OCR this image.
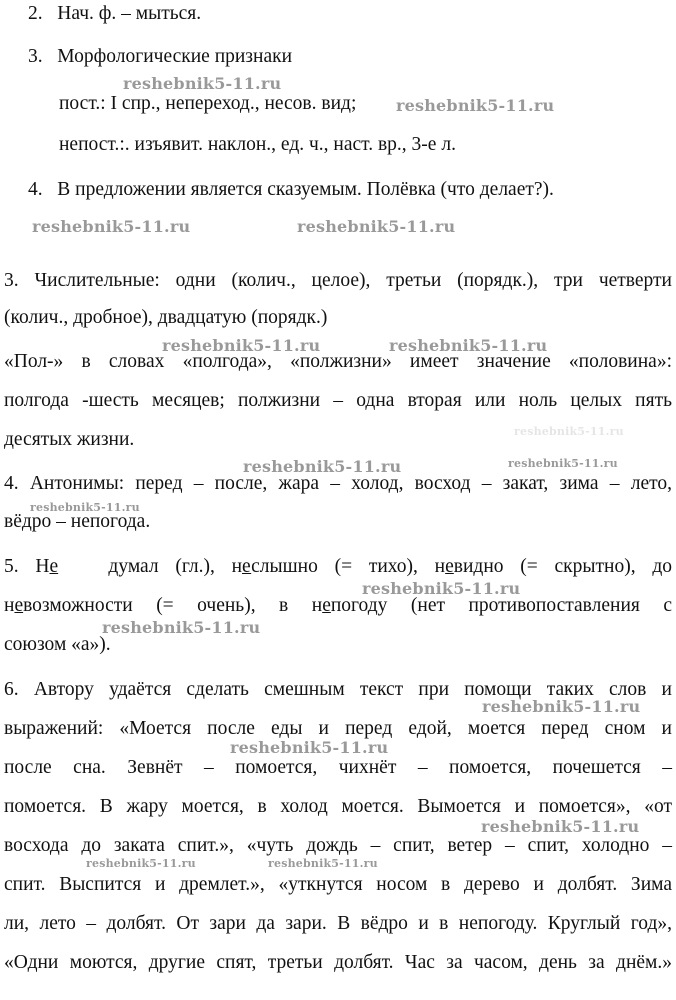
2. Нач. ф. – мыться.
3. Морфологические признаки
пост.: I спр., непереход., несов. вид;
непост.:. изъявит. наклон., ед. ч., наст. вр., 3-е л.
4. В предложении является сказуемым. Полёвка (что делает?).
3. Числительные: одни (колич., целое), третьи (порядк.), три четверти
(колич., дробное), двадцатую (порядк.)
«Пол-» в словах «полгода», «полжизни» имеет значение «половина»:
полгода -шесть месяцев; полжизни – одна вторая или ноль целых пять
десятых жизни.
4. Антонимы: перед – после, жара – холод, восход – закат, зима – лето,
вёдро – непогода.
5. Не   думал (гл.), неслышно (= тихо), невидно (= скрытно), до
невозможности (= очень), в непогоду (нет противопоставления с
союзом «а»).
6. Автору удаётся сделать смешным текст при помощи таких слов и
выражений: «Моется после еды и перед едой, моется перед сном и
после сна. Зевнёт – помоется, чихнёт – помоется, почешется –
помоется. В жару моется, в холод моется. Вымоется и помоется», «от
восхода до заката спит.», «чуть дождь – спит, ветер – спит, холодно –
спит. Выспится и дремлет.», «уткнутся носом в дерево и долбят. Зима
ли, лето – долбят. От зари да зари. В вёдро и в непогоду. Круглый год»,
«Одни моются, другие спят, третьи долбят. Час за часом, день за днём.»
reshebnik5-11.ru
reshebnik5-11.ru
reshebnik5-11.ru	reshebnik5-11.ru
reshebnik5-11.ru	reshebnik5-11.ru
reshebnik5-11.ru	reshebnik5-11.ru
reshebnik5-11.ru
reshebnik5-11.ru
reshebnik5-11.ru
reshebnik5-11.ru
reshebnik5-11.ru
reshebnik5-11.ru
reshebnik5-11.ru	reshebnik5-11.ru
reshebnik5-11.ru
